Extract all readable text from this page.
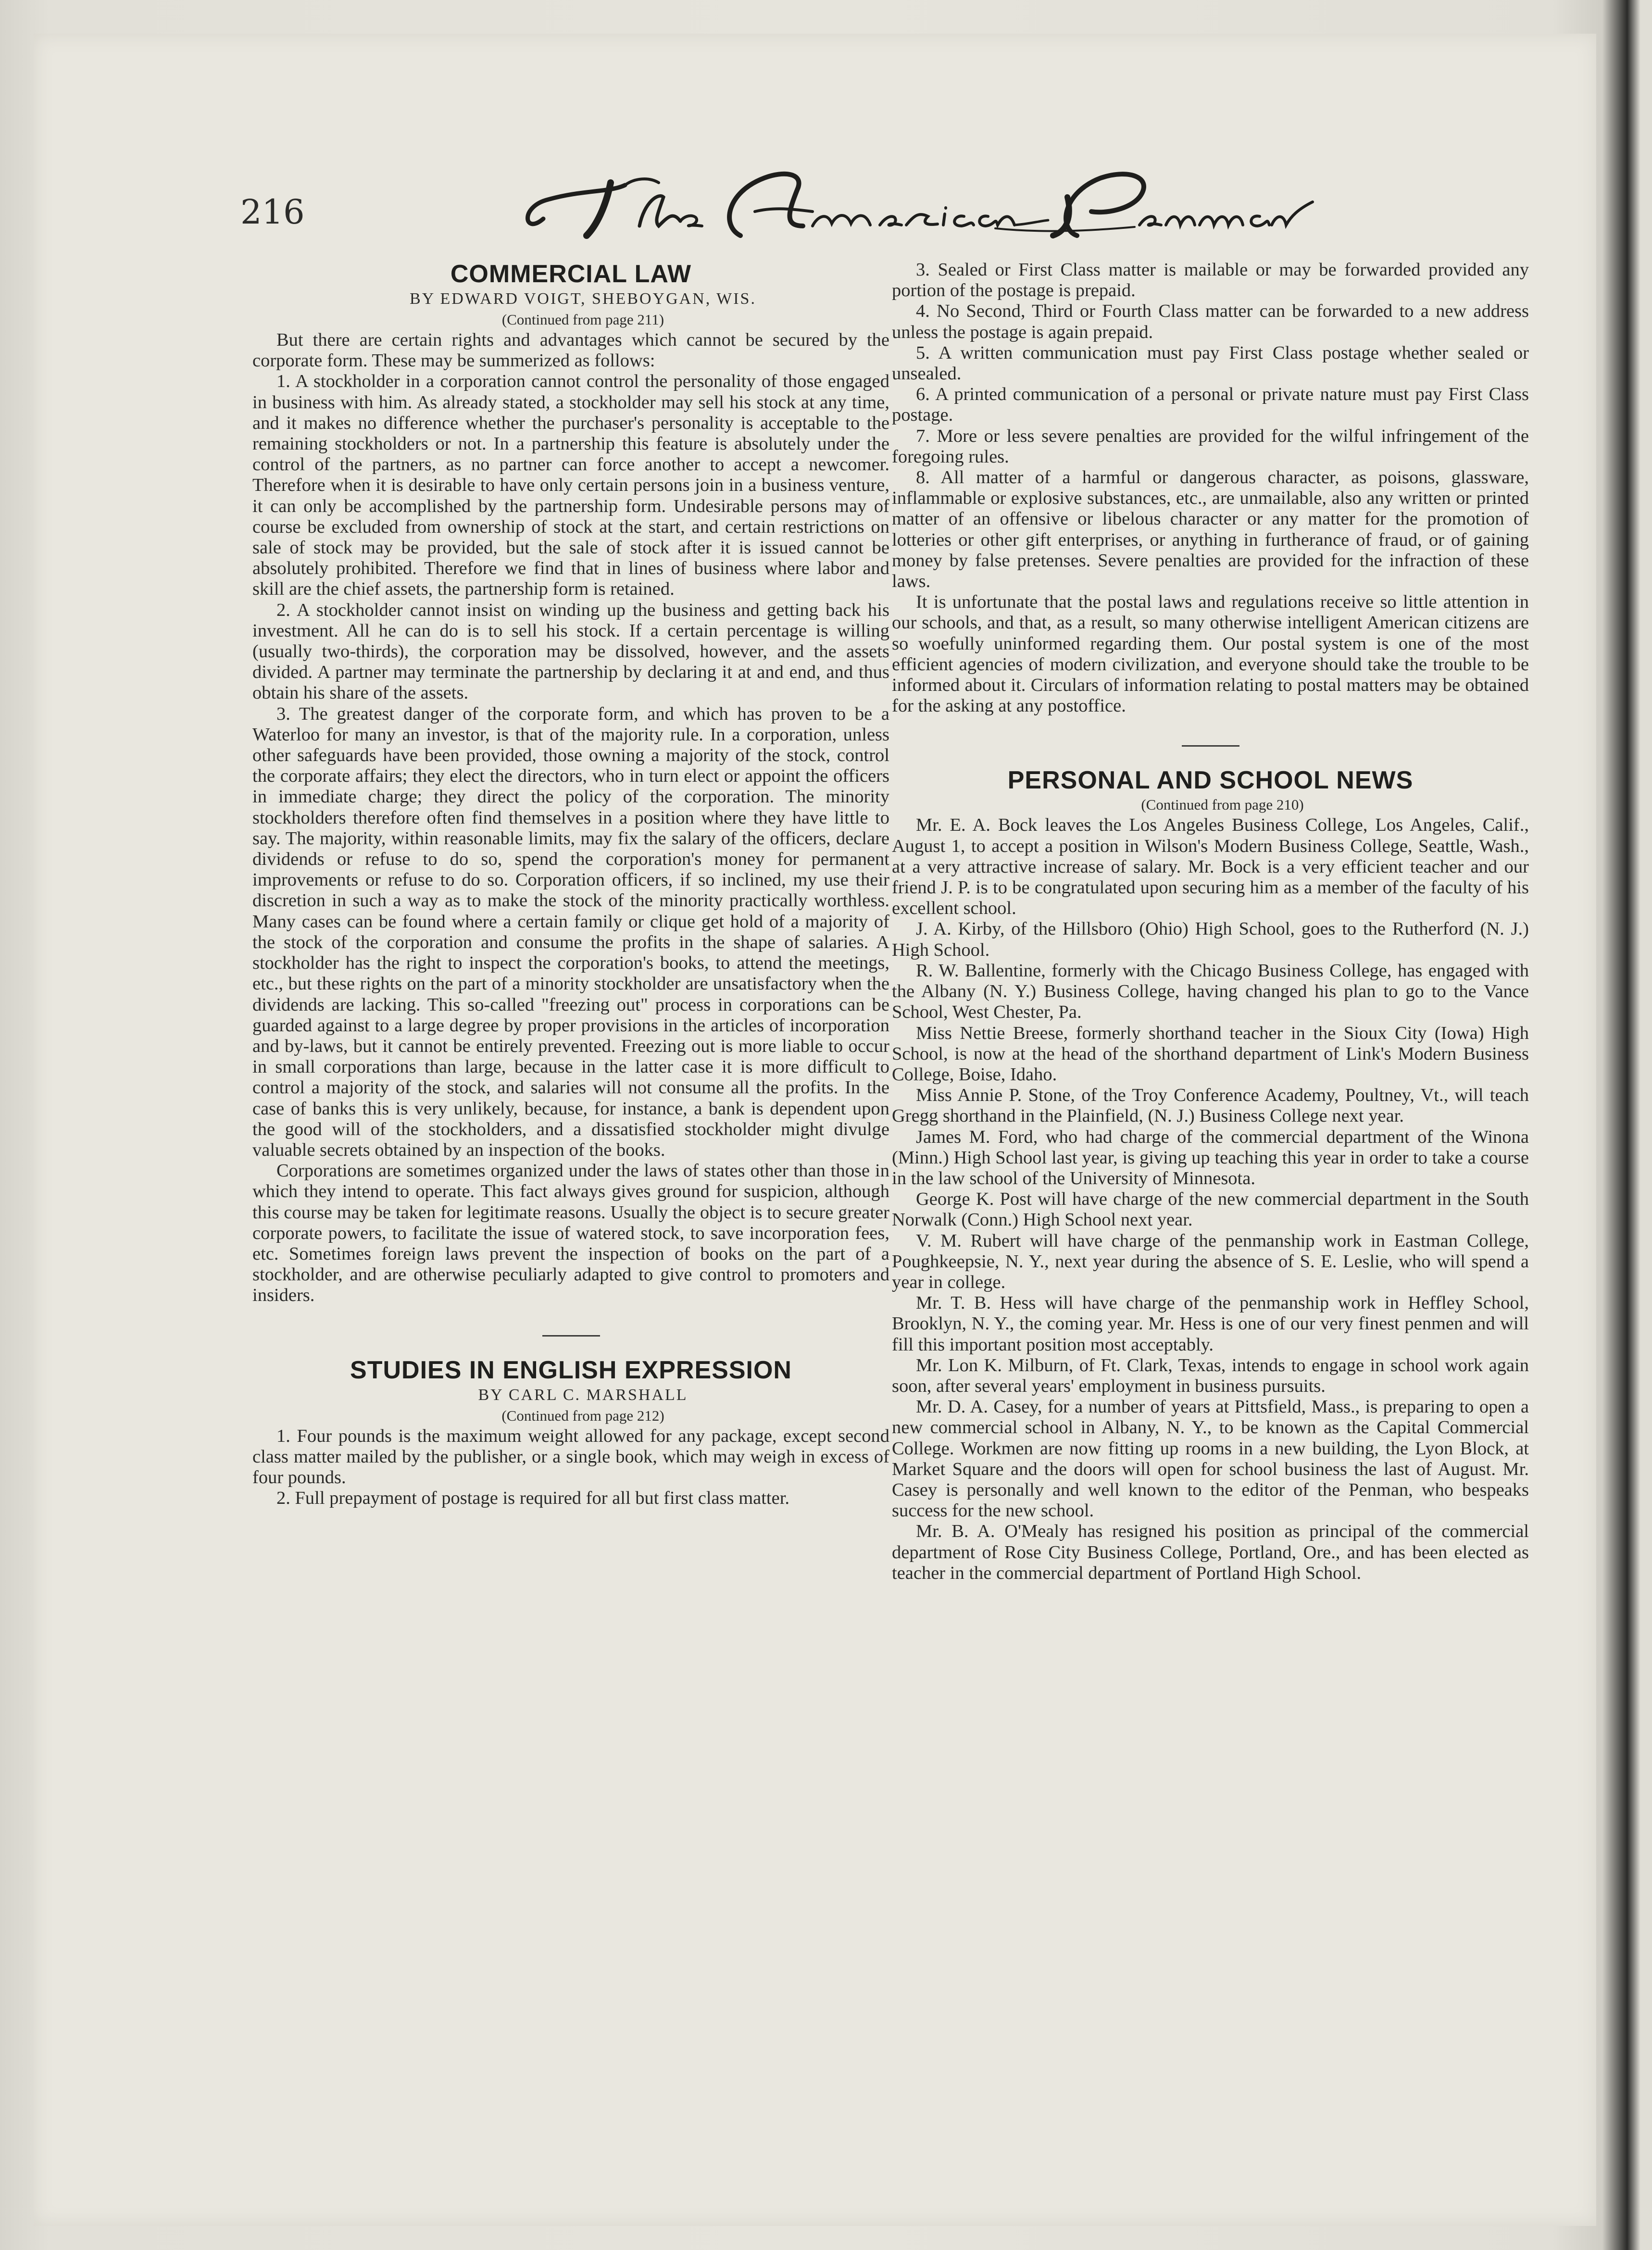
216
COMMERCIAL LAW

BY EDWARD VOIGT, SHEBOYGAN, WIS.

(Continued from page 211)

But there are certain rights and advantages which cannot be secured by the corporate form. These may be summerized as follows:

1. A stockholder in a corporation cannot control the personality of those engaged in business with him. As already stated, a stockholder may sell his stock at any time, and it makes no difference whether the purchaser's personality is acceptable to the remaining stockholders or not. In a partnership this feature is absolutely under the control of the partners, as no partner can force another to accept a newcomer. Therefore when it is desirable to have only certain persons join in a business venture, it can only be accomplished by the partnership form. Undesirable persons may of course be excluded from ownership of stock at the start, and certain restrictions on sale of stock may be provided, but the sale of stock after it is issued cannot be absolutely prohibited. Therefore we find that in lines of business where labor and skill are the chief assets, the partnership form is retained.

2. A stockholder cannot insist on winding up the business and getting back his investment. All he can do is to sell his stock. If a certain percentage is willing (usually two-thirds), the corporation may be dissolved, however, and the assets divided. A partner may terminate the partnership by declaring it at and end, and thus obtain his share of the assets.

3. The greatest danger of the corporate form, and which has proven to be a Waterloo for many an investor, is that of the majority rule. In a corporation, unless other safeguards have been provided, those owning a majority of the stock, control the corporate affairs; they elect the directors, who in turn elect or appoint the officers in immediate charge; they direct the policy of the corporation. The minority stockholders therefore often find themselves in a position where they have little to say. The majority, within reasonable limits, may fix the salary of the officers, declare dividends or refuse to do so, spend the corporation's money for permanent improvements or refuse to do so. Corporation officers, if so inclined, my use their discretion in such a way as to make the stock of the minority practically worthless. Many cases can be found where a certain family or clique get hold of a majority of the stock of the corporation and consume the profits in the shape of salaries. A stockholder has the right to inspect the corporation's books, to attend the meetings, etc., but these rights on the part of a minority stockholder are unsatisfactory when the dividends are lacking. This so-called "freezing out" process in corporations can be guarded against to a large degree by proper provisions in the articles of incorporation and by-laws, but it cannot be entirely prevented. Freezing out is more liable to occur in small corporations than large, because in the latter case it is more difficult to control a majority of the stock, and salaries will not consume all the profits. In the case of banks this is very unlikely, because, for instance, a bank is dependent upon the good will of the stockholders, and a dissatisfied stockholder might divulge valuable secrets obtained by an inspection of the books.

Corporations are sometimes organized under the laws of states other than those in which they intend to operate. This fact always gives ground for suspicion, although this course may be taken for legitimate reasons. Usually the object is to secure greater corporate powers, to facilitate the issue of watered stock, to save incorporation fees, etc. Sometimes foreign laws prevent the inspection of books on the part of a stockholder, and are otherwise peculiarly adapted to give control to promoters and insiders.

STUDIES IN ENGLISH EXPRESSION

BY CARL C. MARSHALL

(Continued from page 212)

1. Four pounds is the maximum weight allowed for any package, except second class matter mailed by the publisher, or a single book, which may weigh in excess of four pounds.

2. Full prepayment of postage is required for all but first class matter.

3. Sealed or First Class matter is mailable or may be forwarded provided any portion of the postage is prepaid.

4. No Second, Third or Fourth Class matter can be forwarded to a new address unless the postage is again prepaid.

5. A written communication must pay First Class postage whether sealed or unsealed.

6. A printed communication of a personal or private nature must pay First Class postage.

7. More or less severe penalties are provided for the wilful infringement of the foregoing rules.

8. All matter of a harmful or dangerous character, as poisons, glassware, inflammable or explosive substances, etc., are unmailable, also any written or printed matter of an offensive or libelous character or any matter for the promotion of lotteries or other gift enterprises, or anything in furtherance of fraud, or of gaining money by false pretenses. Severe penalties are provided for the infraction of these laws.

It is unfortunate that the postal laws and regulations receive so little attention in our schools, and that, as a result, so many otherwise intelligent American citizens are so woefully uninformed regarding them. Our postal system is one of the most efficient agencies of modern civilization, and everyone should take the trouble to be informed about it. Circulars of information relating to postal matters may be obtained for the asking at any postoffice.

PERSONAL AND SCHOOL NEWS

(Continued from page 210)

Mr. E. A. Bock leaves the Los Angeles Business College, Los Angeles, Calif., August 1, to accept a position in Wilson's Modern Business College, Seattle, Wash., at a very attractive increase of salary. Mr. Bock is a very efficient teacher and our friend J. P. is to be congratulated upon securing him as a member of the faculty of his excellent school.

J. A. Kirby, of the Hillsboro (Ohio) High School, goes to the Rutherford (N. J.) High School.

R. W. Ballentine, formerly with the Chicago Business College, has engaged with the Albany (N. Y.) Business College, having changed his plan to go to the Vance School, West Chester, Pa.

Miss Nettie Breese, formerly shorthand teacher in the Sioux City (Iowa) High School, is now at the head of the shorthand department of Link's Modern Business College, Boise, Idaho.

Miss Annie P. Stone, of the Troy Conference Academy, Poultney, Vt., will teach Gregg shorthand in the Plainfield, (N. J.) Business College next year.

James M. Ford, who had charge of the commercial department of the Winona (Minn.) High School last year, is giving up teaching this year in order to take a course in the law school of the University of Minnesota.

George K. Post will have charge of the new commercial department in the South Norwalk (Conn.) High School next year.

V. M. Rubert will have charge of the penmanship work in Eastman College, Poughkeepsie, N. Y., next year during the absence of S. E. Leslie, who will spend a year in college.

Mr. T. B. Hess will have charge of the penmanship work in Heffley School, Brooklyn, N. Y., the coming year. Mr. Hess is one of our very finest penmen and will fill this important position most acceptably.

Mr. Lon K. Milburn, of Ft. Clark, Texas, intends to engage in school work again soon, after several years' employment in business pursuits.

Mr. D. A. Casey, for a number of years at Pittsfield, Mass., is preparing to open a new commercial school in Albany, N. Y., to be known as the Capital Commercial College. Workmen are now fitting up rooms in a new building, the Lyon Block, at Market Square and the doors will open for school business the last of August. Mr. Casey is personally and well known to the editor of the Penman, who bespeaks success for the new school.

Mr. B. A. O'Mealy has resigned his position as principal of the commercial department of Rose City Business College, Portland, Ore., and has been elected as teacher in the commercial department of Portland High School.
